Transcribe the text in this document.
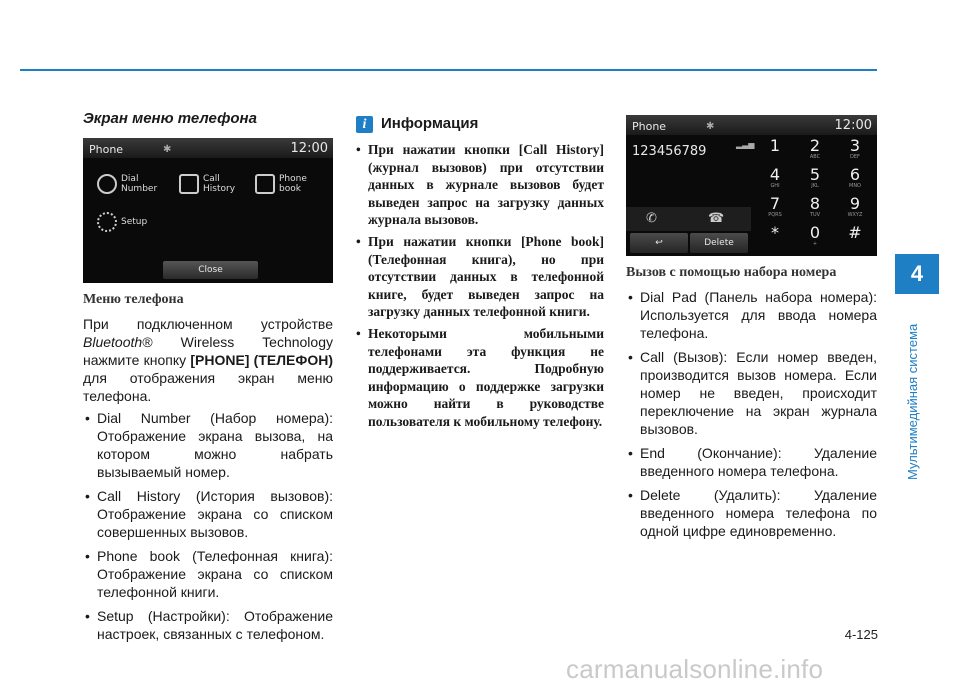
4
Мультимедийная система
Экран меню телефона
Phone	✱	12:00
Dial
Number
Call
History
Phone
book
Setup
Close
Меню телефона
При подключенном устройстве Bluetooth® Wireless Technology нажмите кнопку [PHONE] (ТЕЛЕФОН) для отображения экран меню телефона.
• Dial Number (Набор номера): Отображение экрана вызова, на котором можно набрать вызываемый номер.
• Call History (История вызовов): Отображение экрана со списком совершенных вызовов.
• Phone book (Телефонная книга): Отображение экрана со списком телефонной книги.
• Setup (Настройки): Отображение настроек, связанных с телефоном.
i Информация
• При нажатии кнопки [Call History] (журнал вызовов) при отсутствии данных в журнале вызовов будет выведен запрос на загрузку данных журнала вызовов.
• При нажатии кнопки [Phone book] (Телефонная книга), но при отсутствии данных в телефонной книге, будет выведен запрос на загрузку данных телефонной книги.
• Некоторыми мобильными телефонами эта функция не поддерживается. Подробную информацию о поддержке загрузки можно найти в руководстве пользователя к мобильному телефону.
Phone	✱	12:00
▂▃▅
123456789
✆	☎
↩	Delete
1	2
ABC
3
DEF
4
GHI
5
JKL
6
MNO
7
PQRS
8
TUV
9
WXYZ
*	0
+
#
Вызов с помощью набора номера
• Dial Pad (Панель набора номера): Используется для ввода номера телефона.
• Call (Вызов): Если номер введен, производится вызов номера. Если номер не введен, происходит переключение на экран журнала вызовов.
• End (Окончание): Удаление введенного номера телефона.
• Delete (Удалить): Удаление введенного номера телефона по одной цифре единовременно.
4-125
carmanualsonline.info
